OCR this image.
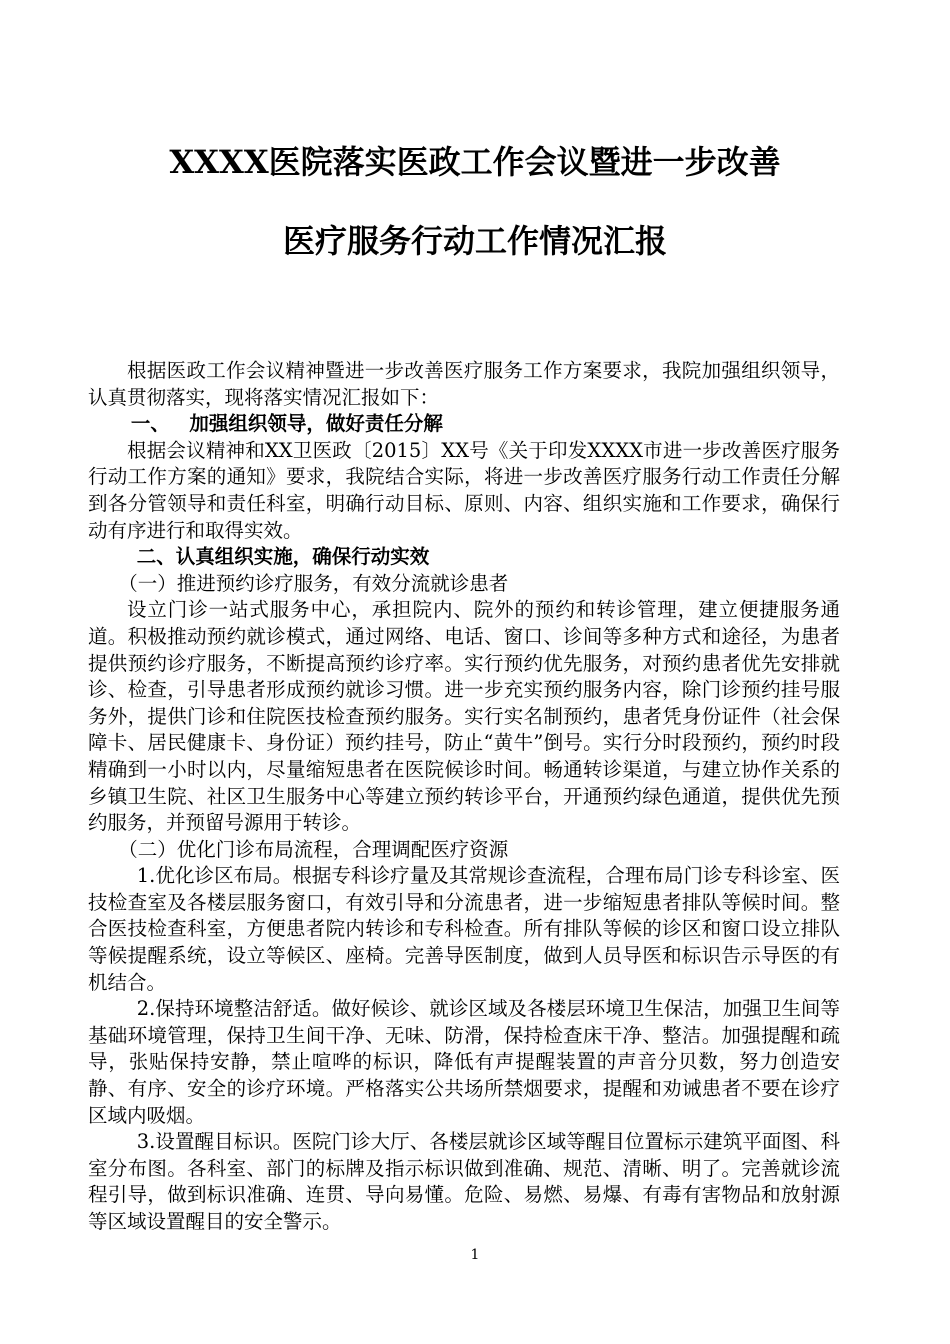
XXXX医院落实医政工作会议暨进一步改善
医疗服务行动工作情况汇报

根据医政工作会议精神暨进一步改善医疗服务工作方案要求，我院加强组织领导，认真贯彻落实，现将落实情况汇报如下：

一、 加强组织领导，做好责任分解

根据会议精神和XX卫医政〔2015〕XX号《关于印发XXXX市进一步改善医疗服务行动工作方案的通知》要求，我院结合实际，将进一步改善医疗服务行动工作责任分解到各分管领导和责任科室，明确行动目标、原则、内容、组织实施和工作要求，确保行动有序进行和取得实效。

二、认真组织实施，确保行动实效

（一）推进预约诊疗服务，有效分流就诊患者

设立门诊一站式服务中心，承担院内、院外的预约和转诊管理，建立便捷服务通道。积极推动预约就诊模式，通过网络、电话、窗口、诊间等多种方式和途径，为患者提供预约诊疗服务，不断提高预约诊疗率。实行预约优先服务，对预约患者优先安排就诊、检查，引导患者形成预约就诊习惯。进一步充实预约服务内容，除门诊预约挂号服务外，提供门诊和住院医技检查预约服务。实行实名制预约，患者凭身份证件（社会保障卡、居民健康卡、身份证）预约挂号，防止“黄牛”倒号。实行分时段预约，预约时段精确到一小时以内，尽量缩短患者在医院候诊时间。畅通转诊渠道，与建立协作关系的乡镇卫生院、社区卫生服务中心等建立预约转诊平台，开通预约绿色通道，提供优先预约服务，并预留号源用于转诊。

（二）优化门诊布局流程，合理调配医疗资源

1.优化诊区布局。根据专科诊疗量及其常规诊查流程，合理布局门诊专科诊室、医技检查室及各楼层服务窗口，有效引导和分流患者，进一步缩短患者排队等候时间。整合医技检查科室，方便患者院内转诊和专科检查。所有排队等候的诊区和窗口设立排队等候提醒系统，设立等候区、座椅。完善导医制度，做到人员导医和标识告示导医的有机结合。

2.保持环境整洁舒适。做好候诊、就诊区域及各楼层环境卫生保洁，加强卫生间等基础环境管理，保持卫生间干净、无味、防滑，保持检查床干净、整洁。加强提醒和疏导，张贴保持安静，禁止喧哗的标识，降低有声提醒装置的声音分贝数，努力创造安静、有序、安全的诊疗环境。严格落实公共场所禁烟要求，提醒和劝诫患者不要在诊疗区域内吸烟。

3.设置醒目标识。医院门诊大厅、各楼层就诊区域等醒目位置标示建筑平面图、科室分布图。各科室、部门的标牌及指示标识做到准确、规范、清晰、明了。完善就诊流程引导，做到标识准确、连贯、导向易懂。危险、易燃、易爆、有毒有害物品和放射源等区域设置醒目的安全警示。

1
